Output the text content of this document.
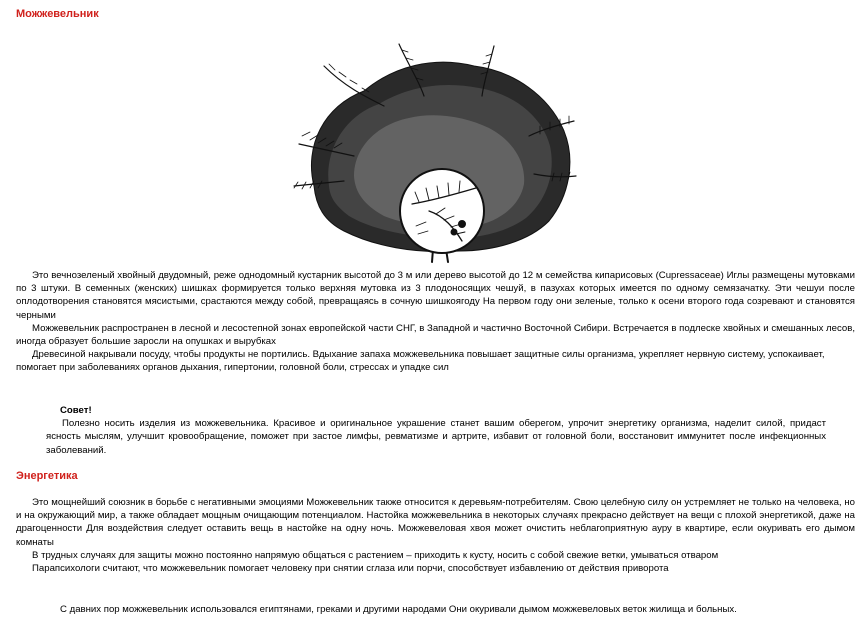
Можжевельник

Это вечнозеленый хвойный двудомный, реже однодомный кустарник высотой до 3 м или дерево высотой до 12 м семейства кипарисовых (Cupressaceae) Иглы размещены мутовками по 3 штуки. В семенных (женских) шишках формируется только верхняя мутовка из 3 плодоносящих чешуй, в пазухах которых имеется по одному семязачатку. Эти чешуи после оплодотворения становятся мясистыми, срастаются между собой, превращаясь в сочную шишкоягоду На первом году они зеленые, только к осени второго года созревают и становятся черными

Можжевельник распространен в лесной и лесостепной зонах европейской части СНГ, в Западной и частично Восточной Сибири. Встречается в подлеске хвойных и смешанных лесов, иногда образует большие заросли на опушках и вырубках

Древесиной накрывали посуду, чтобы продукты не портились. Вдыхание запаха можжевельника повышает защитные силы организма, укрепляет нервную систему, успокаивает, помогает при заболеваниях органов дыхания, гипертонии, головной боли, стрессах и упадке сил

Совет!
Полезно носить изделия из можжевельника. Красивое и оригинальное украшение станет вашим оберегом, упрочит энергетику организма, наделит силой, придаст ясность мыслям, улучшит кровообращение, поможет при застое лимфы, ревматизме и артрите, избавит от головной боли, восстановит иммунитет после инфекционных заболеваний.
Энергетика

Это мощнейший союзник в борьбе с негативными эмоциями Можжевельник также относится к деревьям-потребителям. Свою целебную силу он устремляет не только на человека, но и на окружающий мир, а также обладает мощным очищающим потенциалом. Настойка можжевельника в некоторых случаях прекрасно действует на вещи с плохой энергетикой, даже на драгоценности Для воздействия следует оставить вещь в настойке на одну ночь. Можжевеловая хвоя может очистить неблагоприятную ауру в квартире, если окуривать его дымом комнаты

В трудных случаях для защиты можно постоянно напрямую общаться с растением – приходить к кусту, носить с собой свежие ветки, умываться отваром

Парапсихологи считают, что можжевельник помогает человеку при снятии сглаза или порчи, способствует избавлению от действия приворота

С давних пор можжевельник использовался египтянами, греками и другими народами Они окуривали дымом можжевеловых веток жилища и больных.
